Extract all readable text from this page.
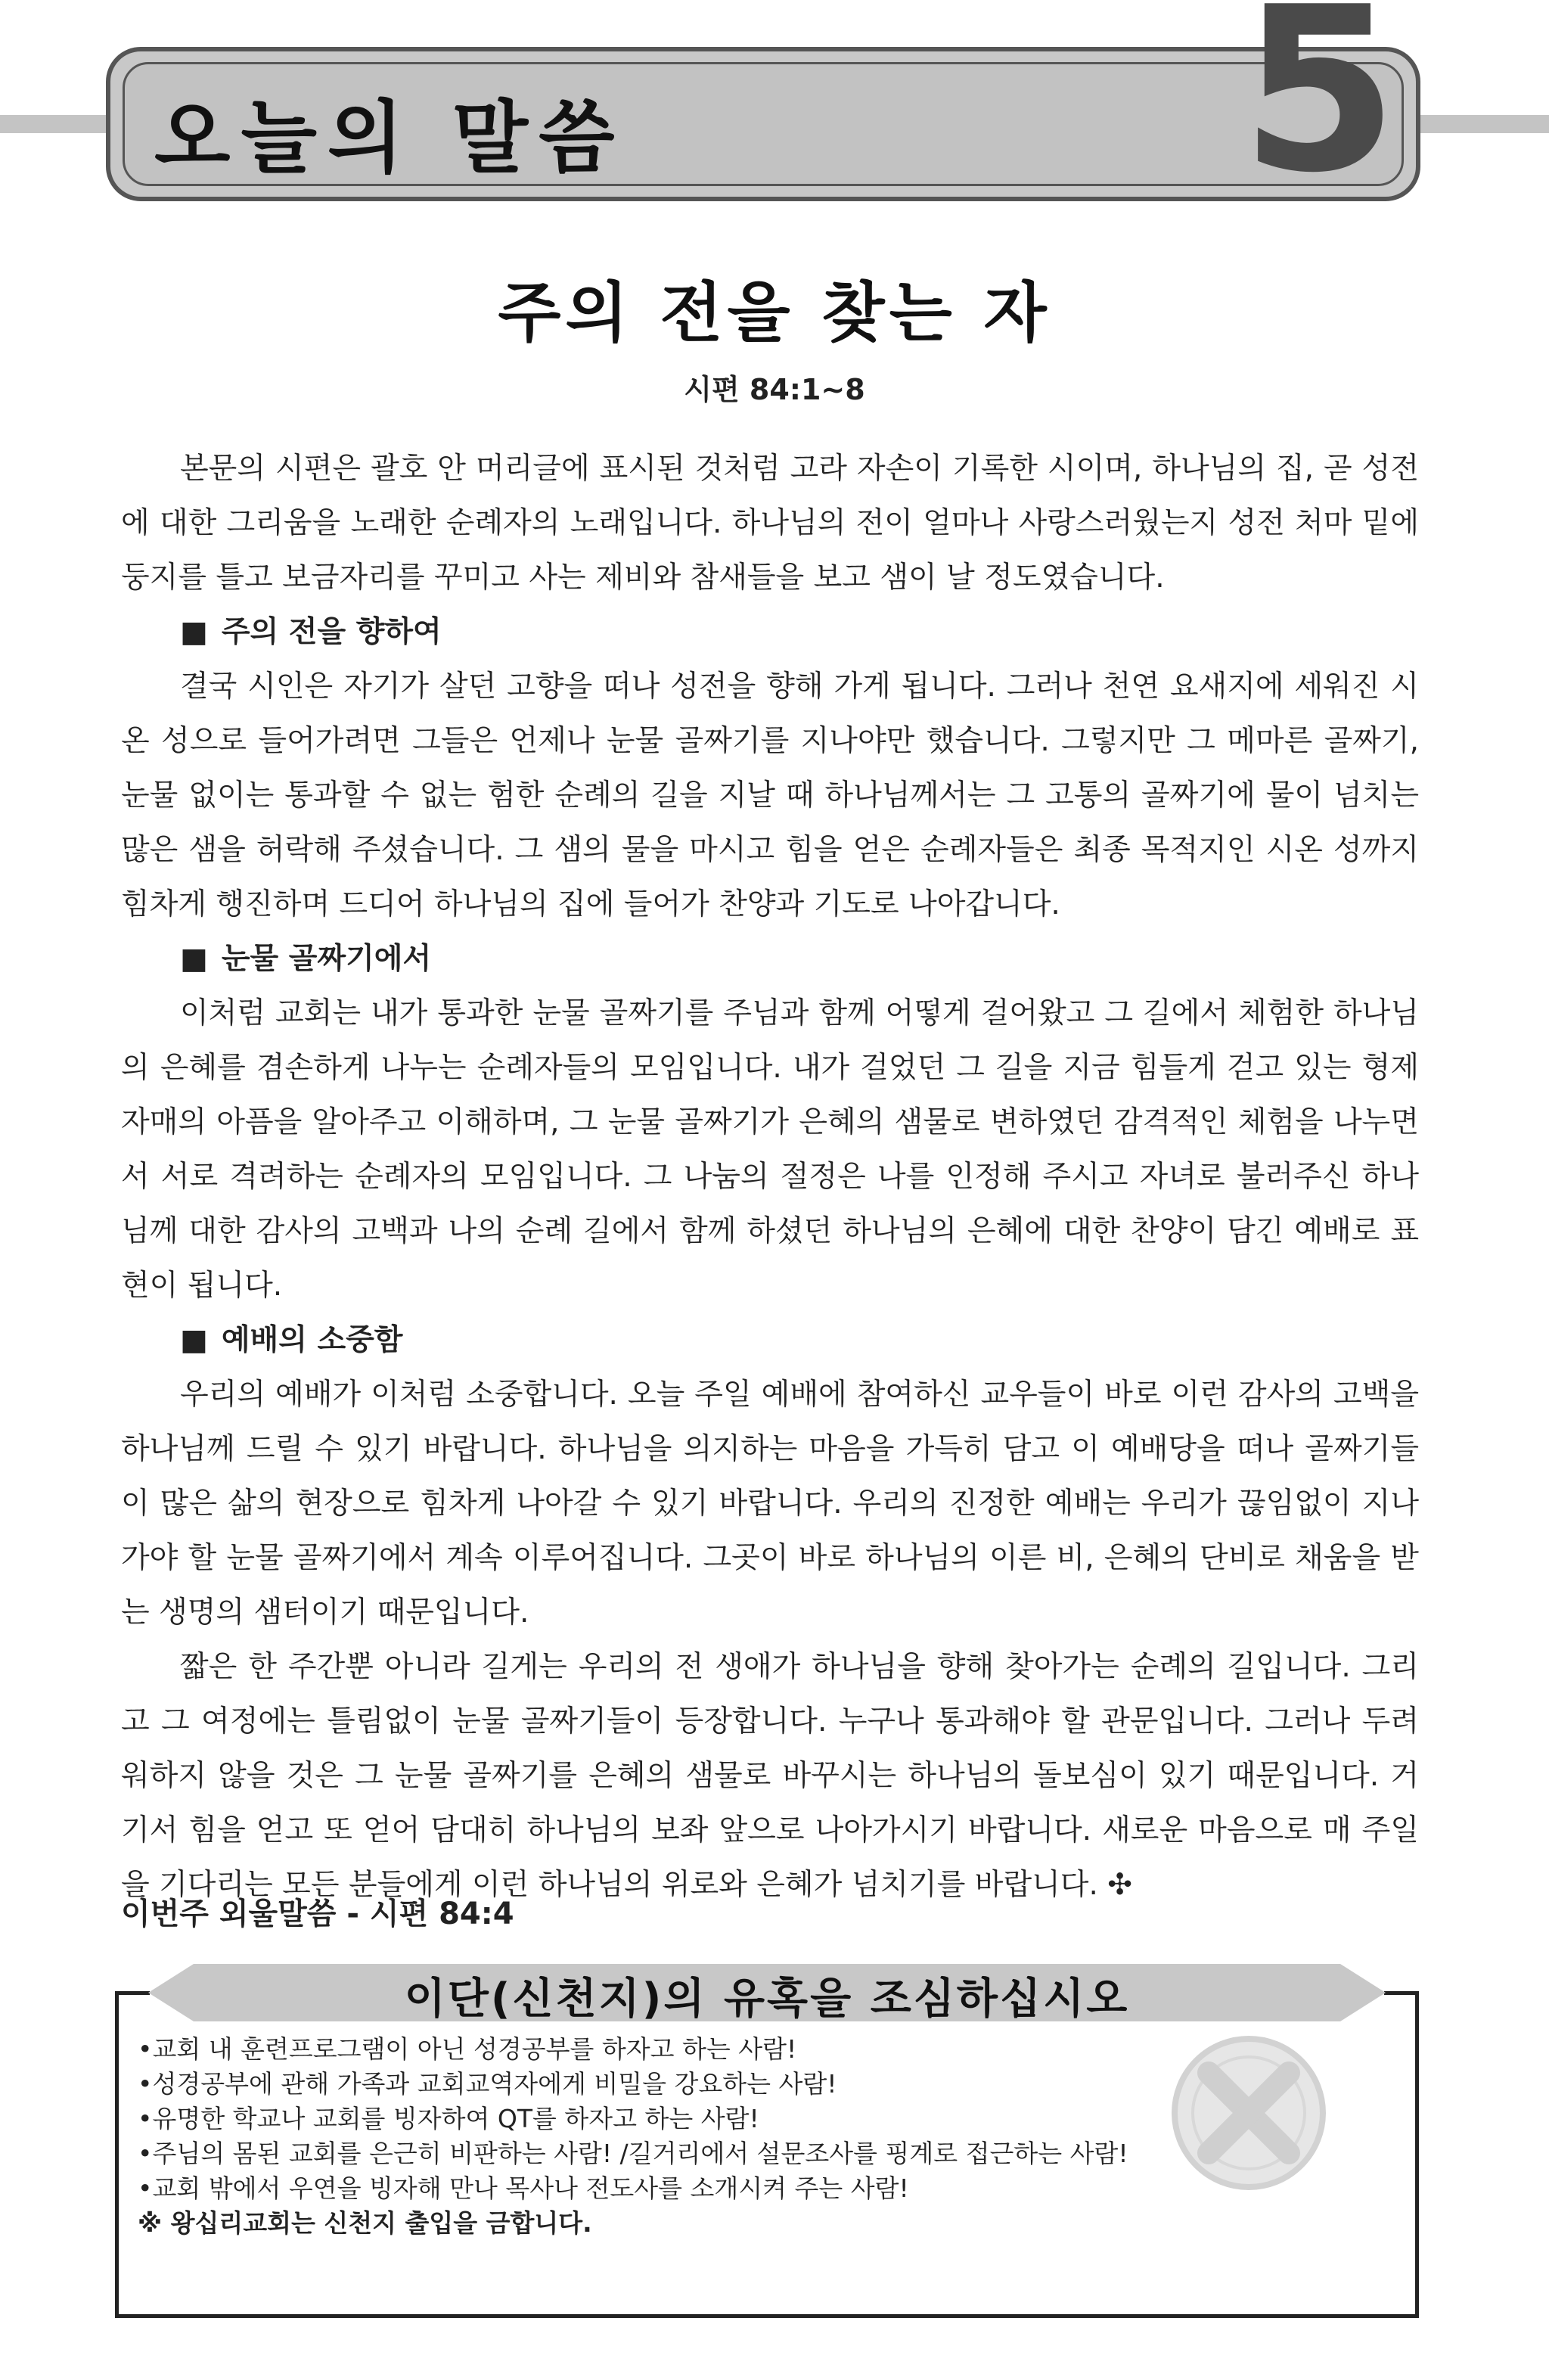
오늘의 말씀	5
주의 전을 찾는 자
시편 84:1~8

본문의 시편은 괄호 안 머리글에 표시된 것처럼 고라 자손이 기록한 시이며, 하나님의 집, 곧 성전에 대한 그리움을 노래한 순례자의 노래입니다. 하나님의 전이 얼마나 사랑스러웠는지 성전 처마 밑에 둥지를 틀고 보금자리를 꾸미고 사는 제비와 참새들을 보고 샘이 날 정도였습니다.

■ 주의 전을 향하여

결국 시인은 자기가 살던 고향을 떠나 성전을 향해 가게 됩니다. 그러나 천연 요새지에 세워진 시온 성으로 들어가려면 그들은 언제나 눈물 골짜기를 지나야만 했습니다. 그렇지만 그 메마른 골짜기, 눈물 없이는 통과할 수 없는 험한 순례의 길을 지날 때 하나님께서는 그 고통의 골짜기에 물이 넘치는 많은 샘을 허락해 주셨습니다. 그 샘의 물을 마시고 힘을 얻은 순례자들은 최종 목적지인 시온 성까지 힘차게 행진하며 드디어 하나님의 집에 들어가 찬양과 기도로 나아갑니다.

■ 눈물 골짜기에서

이처럼 교회는 내가 통과한 눈물 골짜기를 주님과 함께 어떻게 걸어왔고 그 길에서 체험한 하나님의 은혜를 겸손하게 나누는 순례자들의 모임입니다. 내가 걸었던 그 길을 지금 힘들게 걷고 있는 형제자매의 아픔을 알아주고 이해하며, 그 눈물 골짜기가 은혜의 샘물로 변하였던 감격적인 체험을 나누면서 서로 격려하는 순례자의 모임입니다. 그 나눔의 절정은 나를 인정해 주시고 자녀로 불러주신 하나님께 대한 감사의 고백과 나의 순례 길에서 함께 하셨던 하나님의 은혜에 대한 찬양이 담긴 예배로 표현이 됩니다.

■ 예배의 소중함

우리의 예배가 이처럼 소중합니다. 오늘 주일 예배에 참여하신 교우들이 바로 이런 감사의 고백을 하나님께 드릴 수 있기 바랍니다. 하나님을 의지하는 마음을 가득히 담고 이 예배당을 떠나 골짜기들이 많은 삶의 현장으로 힘차게 나아갈 수 있기 바랍니다. 우리의 진정한 예배는 우리가 끊임없이 지나가야 할 눈물 골짜기에서 계속 이루어집니다. 그곳이 바로 하나님의 이른 비, 은혜의 단비로 채움을 받는 생명의 샘터이기 때문입니다.

짧은 한 주간뿐 아니라 길게는 우리의 전 생애가 하나님을 향해 찾아가는 순례의 길입니다. 그리고 그 여정에는 틀림없이 눈물 골짜기들이 등장합니다. 누구나 통과해야 할 관문입니다. 그러나 두려워하지 않을 것은 그 눈물 골짜기를 은혜의 샘물로 바꾸시는 하나님의 돌보심이 있기 때문입니다. 거기서 힘을 얻고 또 얻어 담대히 하나님의 보좌 앞으로 나아가시기 바랍니다. 새로운 마음으로 매 주일을 기다리는 모든 분들에게 이런 하나님의 위로와 은혜가 넘치기를 바랍니다. ✣

이번주 외울말씀 - 시편 84:4
이단(신천지)의 유혹을 조심하십시오

•교회 내 훈련프로그램이 아닌 성경공부를 하자고 하는 사람!

•성경공부에 관해 가족과 교회교역자에게 비밀을 강요하는 사람!

•유명한 학교나 교회를 빙자하여 QT를 하자고 하는 사람!

•주님의 몸된 교회를 은근히 비판하는 사람! /길거리에서 설문조사를 핑계로 접근하는 사람!

•교회 밖에서 우연을 빙자해 만나 목사나 전도사를 소개시켜 주는 사람!

※ 왕십리교회는 신천지 출입을 금합니다.
